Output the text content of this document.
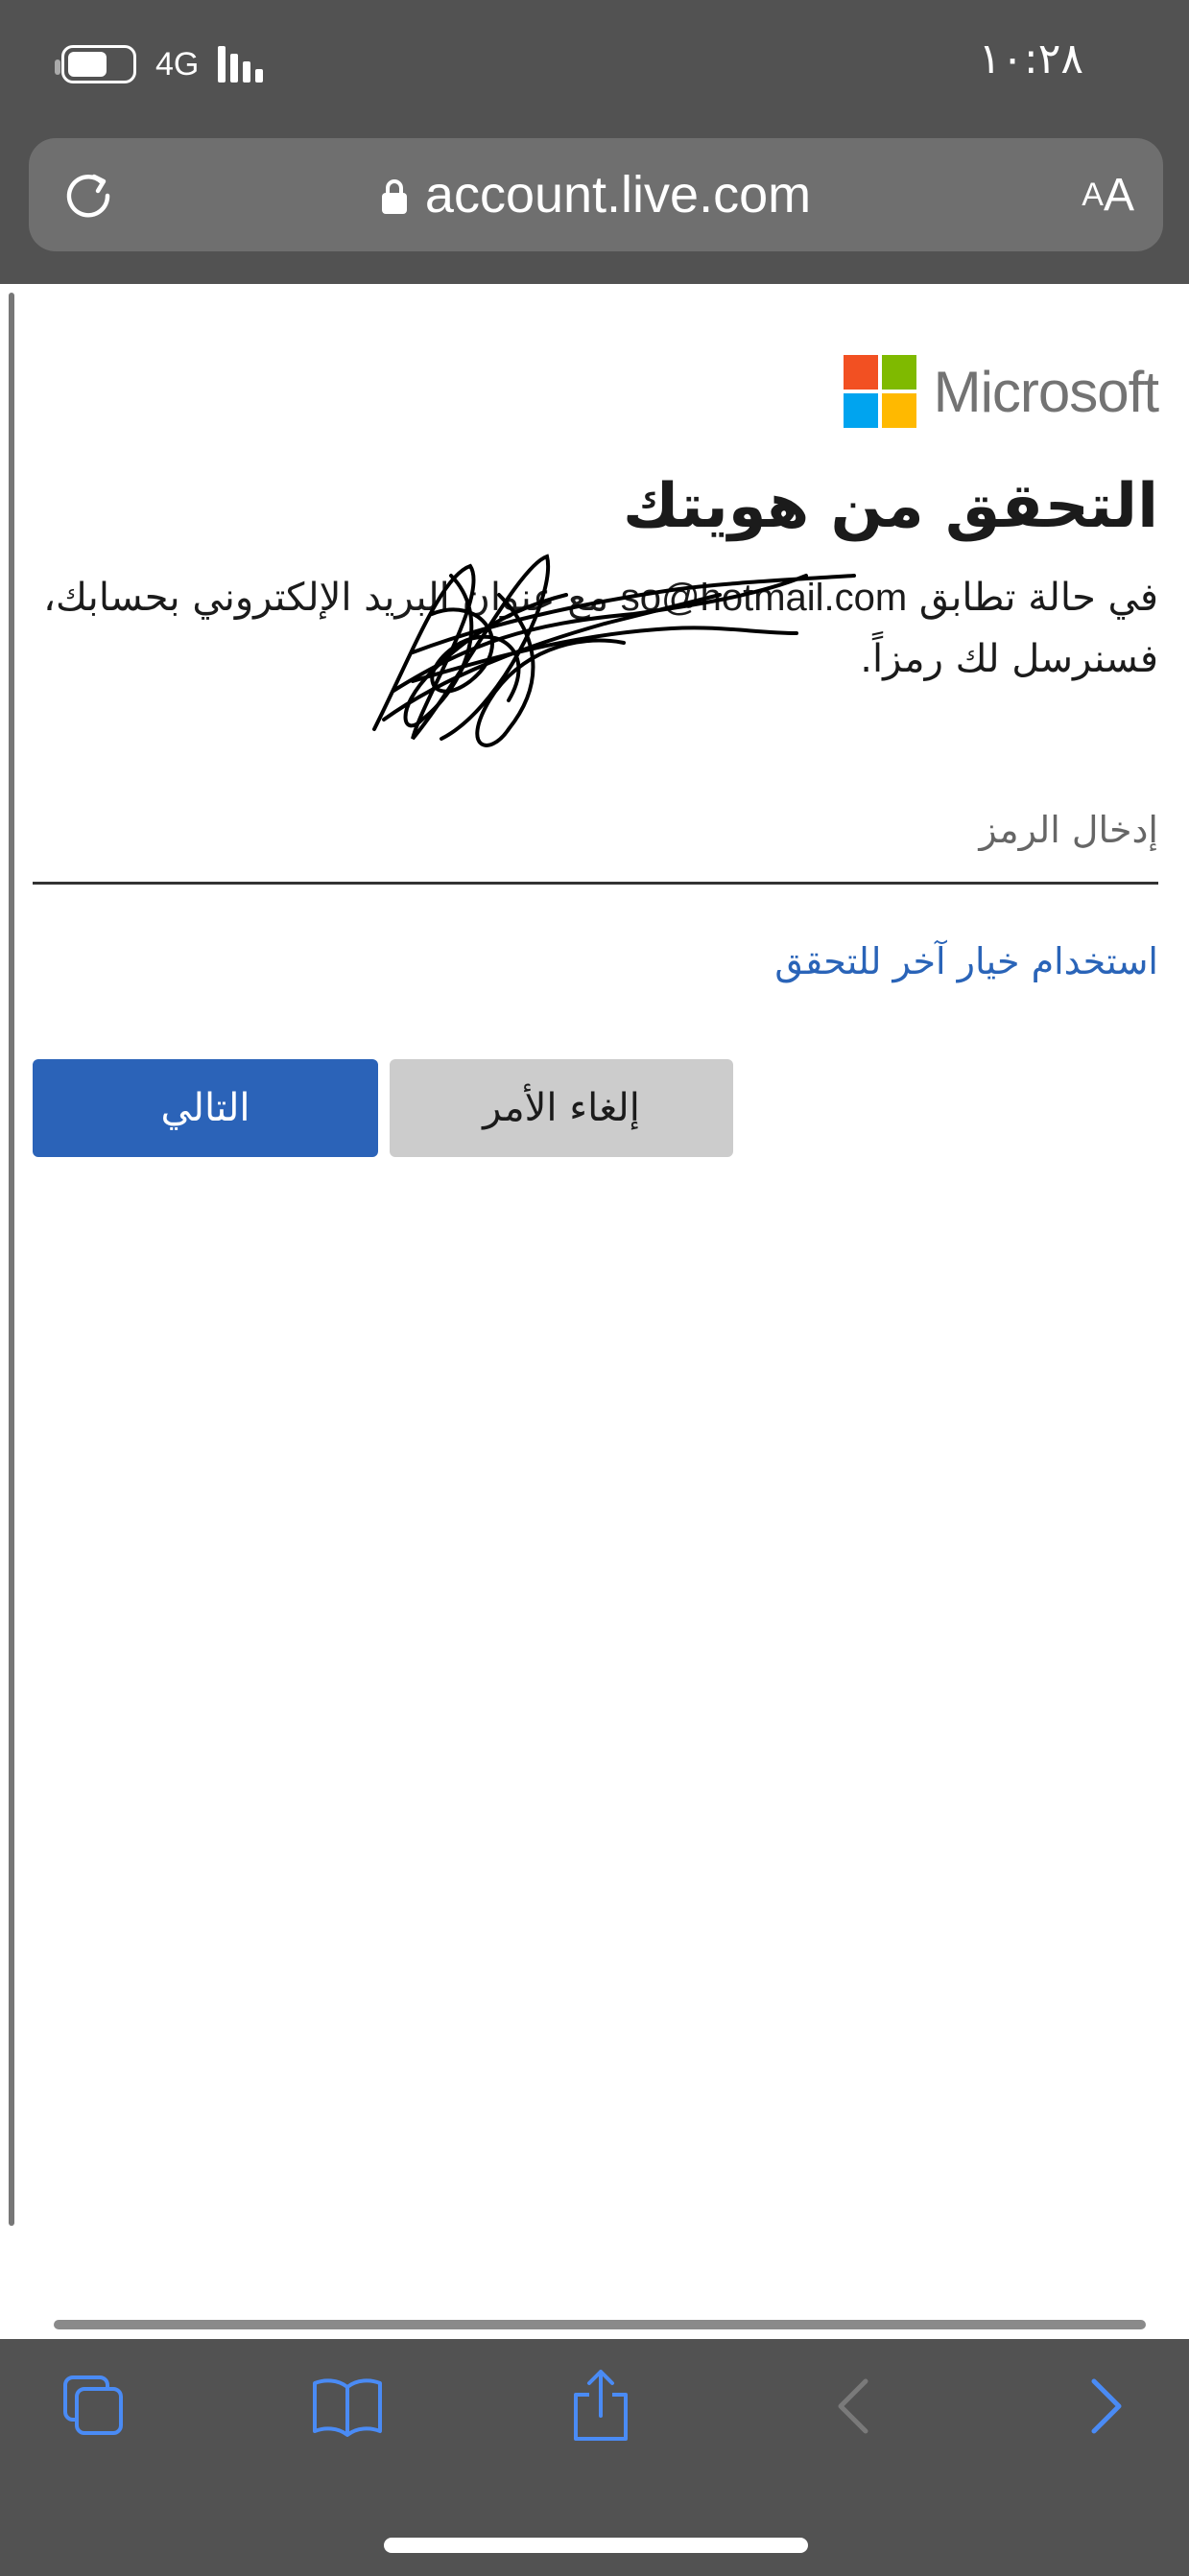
4G	١٠:٢٨
account.live.com	A A
Microsoft
التحقق من هويتك
في حالة تطابق so@hotmail.com مع عنوان البريد الإلكتروني بحسابك، فسنرسل لك رمزاً.
إدخال الرمز
استخدام خيار آخر للتحقق
إلغاء الأمر
التالي
